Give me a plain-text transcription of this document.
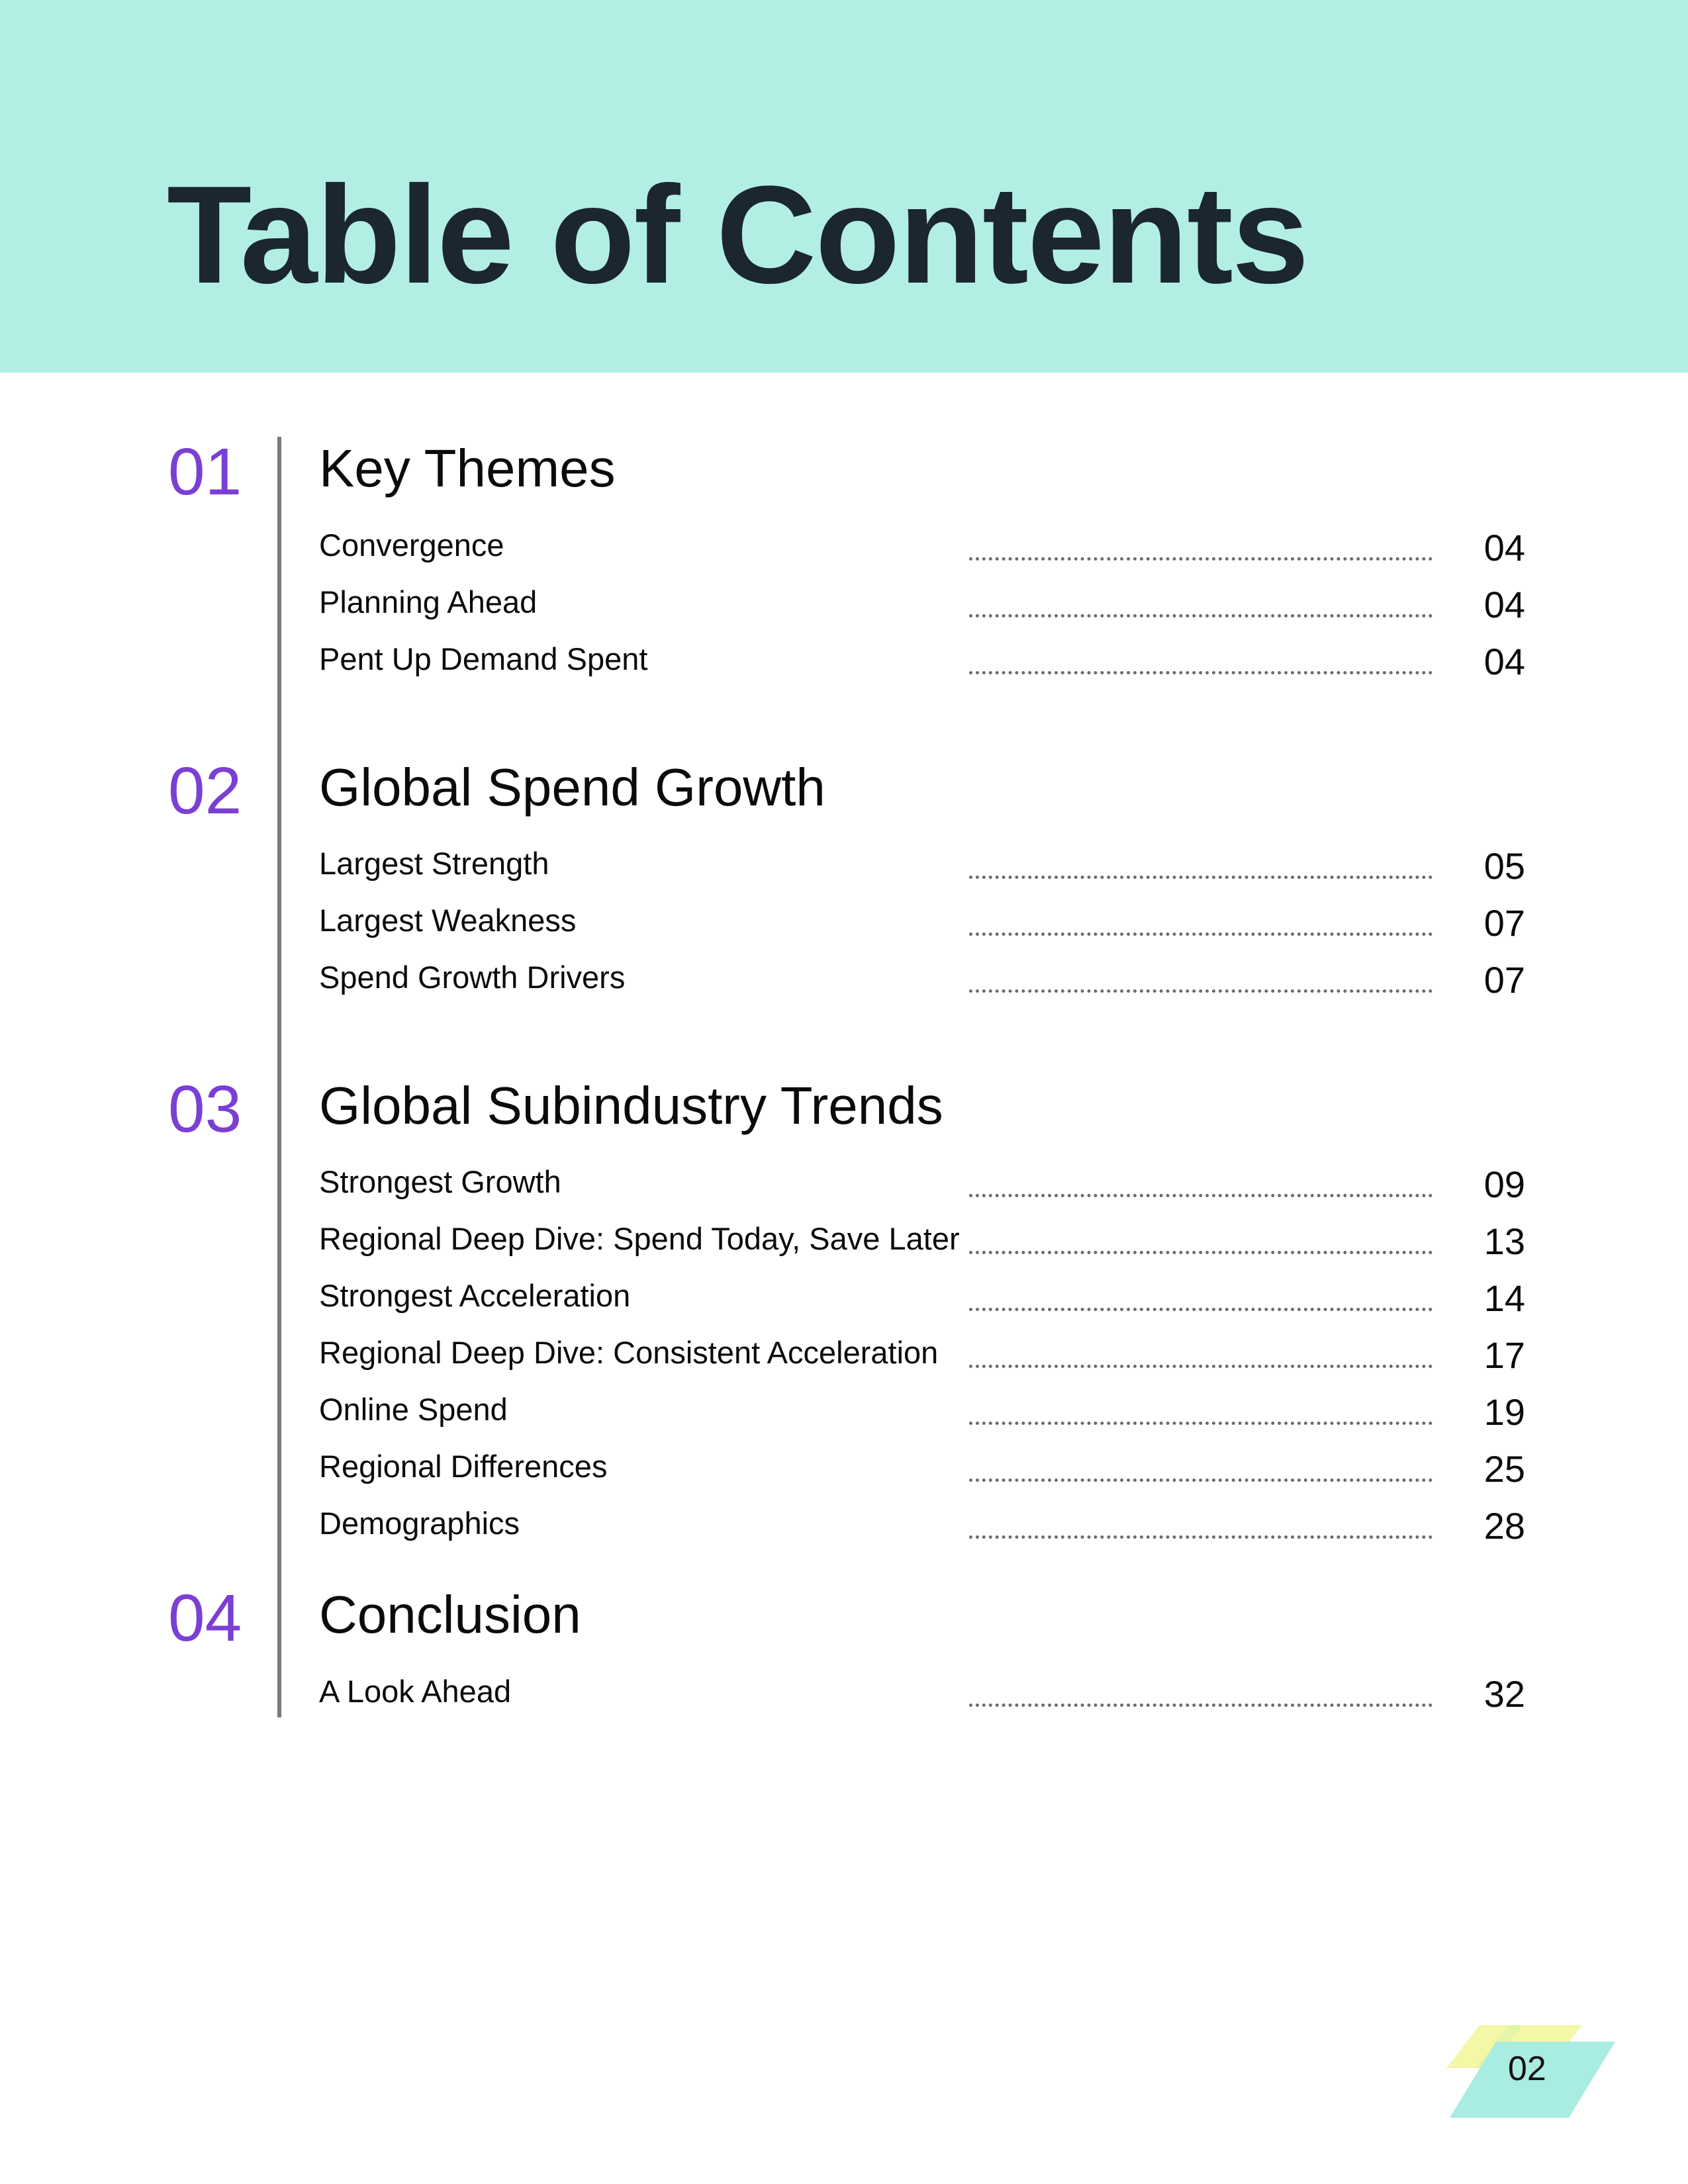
Table of Contents
01 Key Themes
Convergence	04
Planning Ahead	04
Pent Up Demand Spent	04
02 Global Spend Growth
Largest Strength	05
Largest Weakness	07
Spend Growth Drivers	07
03 Global Subindustry Trends
Strongest Growth	09
Regional Deep Dive: Spend Today, Save Later	13
Strongest Acceleration	14
Regional Deep Dive: Consistent Acceleration	17
Online Spend	19
Regional Differences	25
Demographics	28
04 Conclusion
A Look Ahead	32
02
